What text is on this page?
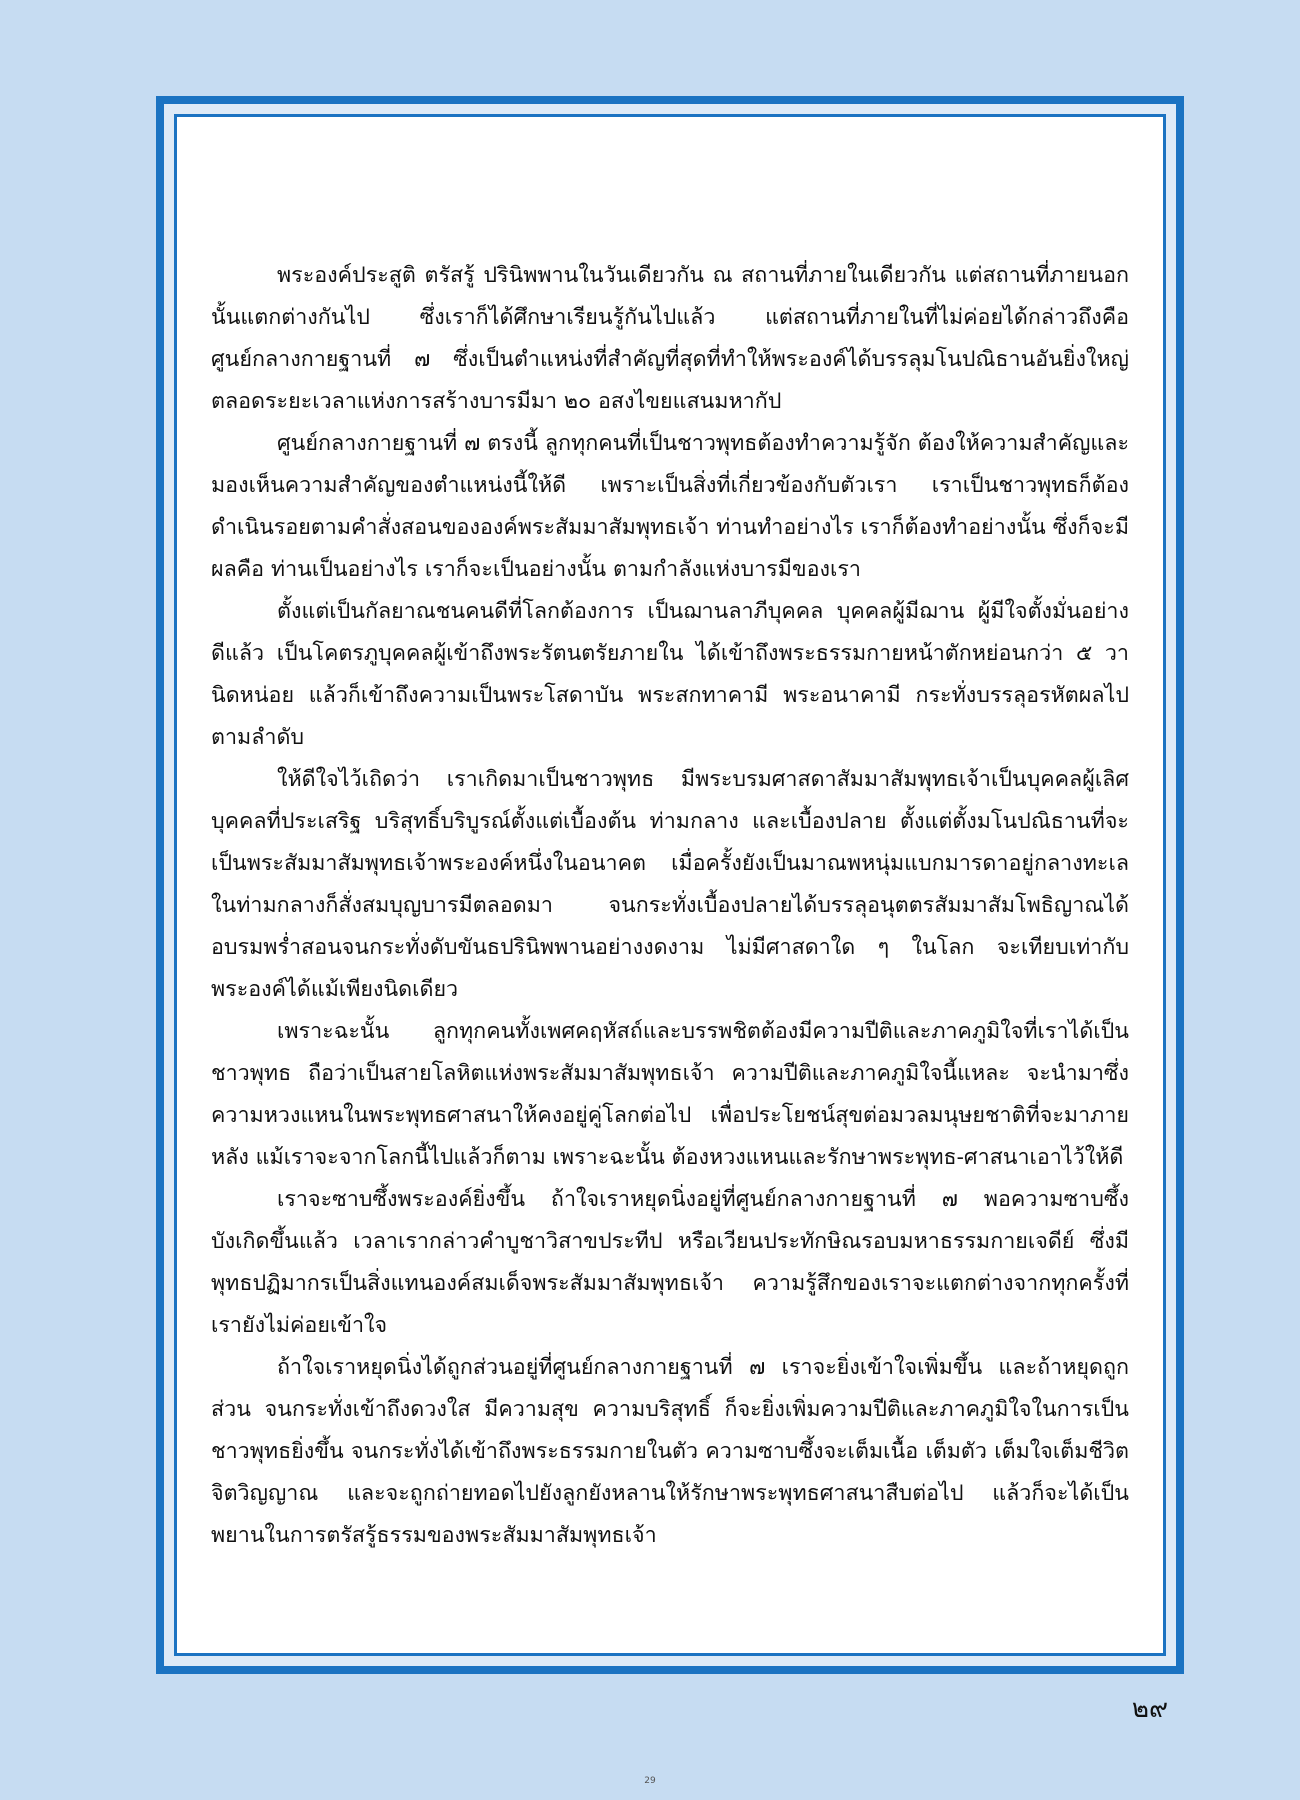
พระองค์ประสูติ ตรัสรู้ ปรินิพพานในวันเดียวกัน ณ สถานที่ภายในเดียวกัน แต่สถานที่ภายนอกนั้นแตกต่างกันไป ซึ่งเราก็ได้ศึกษาเรียนรู้กันไปแล้ว แต่สถานที่ภายในที่ไม่ค่อยได้กล่าวถึงคือ ศูนย์กลางกายฐานที่ ๗ ซึ่งเป็นตำแหน่งที่สำคัญที่สุดที่ทำให้พระองค์ได้บรรลุมโนปณิธานอันยิ่งใหญ่ ตลอดระยะเวลาแห่งการสร้างบารมีมา ๒๐ อสงไขยแสนมหากัป

ศูนย์กลางกายฐานที่ ๗ ตรงนี้ ลูกทุกคนที่เป็นชาวพุทธต้องทำความรู้จัก ต้องให้ความสำคัญและมองเห็นความสำคัญของตำแหน่งนี้ให้ดี เพราะเป็นสิ่งที่เกี่ยวข้องกับตัวเรา เราเป็นชาวพุทธก็ต้องดำเนินรอยตามคำสั่งสอนขององค์พระสัมมาสัมพุทธเจ้า ท่านทำอย่างไร เราก็ต้องทำอย่างนั้น ซึ่งก็จะมีผลคือ ท่านเป็นอย่างไร เราก็จะเป็นอย่างนั้น ตามกำลังแห่งบารมีของเรา

ตั้งแต่เป็นกัลยาณชนคนดีที่โลกต้องการ เป็นฌานลาภีบุคคล บุคคลผู้มีฌาน ผู้มีใจตั้งมั่นอย่างดีแล้ว เป็นโคตรภูบุคคลผู้เข้าถึงพระรัตนตรัยภายใน ได้เข้าถึงพระธรรมกายหน้าตักหย่อนกว่า ๕ วานิดหน่อย แล้วก็เข้าถึงความเป็นพระโสดาบัน พระสกทาคามี พระอนาคามี กระทั่งบรรลุอรหัตผลไปตามลำดับ

ให้ดีใจไว้เถิดว่า เราเกิดมาเป็นชาวพุทธ มีพระบรมศาสดาสัมมาสัมพุทธเจ้าเป็นบุคคลผู้เลิศบุคคลที่ประเสริฐ บริสุทธิ์บริบูรณ์ตั้งแต่เบื้องต้น ท่ามกลาง และเบื้องปลาย ตั้งแต่ตั้งมโนปณิธานที่จะเป็นพระสัมมาสัมพุทธเจ้าพระองค์หนึ่งในอนาคต เมื่อครั้งยังเป็นมาณพหนุ่มแบกมารดาอยู่กลางทะเล ในท่ามกลางก็สั่งสมบุญบารมีตลอดมา จนกระทั่งเบื้องปลายได้บรรลุอนุตตรสัมมาสัมโพธิญาณได้อบรมพร่ำสอนจนกระทั่งดับขันธปรินิพพานอย่างงดงาม ไม่มีศาสดาใด ๆ ในโลก จะเทียบเท่ากับพระองค์ได้แม้เพียงนิดเดียว

เพราะฉะนั้น ลูกทุกคนทั้งเพศคฤหัสถ์และบรรพชิตต้องมีความปีติและภาคภูมิใจที่เราได้เป็นชาวพุทธ ถือว่าเป็นสายโลหิตแห่งพระสัมมาสัมพุทธเจ้า ความปีติและภาคภูมิใจนี้แหละ จะนำมาซึ่งความหวงแหนในพระพุทธศาสนาให้คงอยู่คู่โลกต่อไป เพื่อประโยชน์สุขต่อมวลมนุษยชาติที่จะมาภายหลัง แม้เราจะจากโลกนี้ไปแล้วก็ตาม เพราะฉะนั้น ต้องหวงแหนและรักษาพระพุทธ-ศาสนาเอาไว้ให้ดี

เราจะซาบซึ้งพระองค์ยิ่งขึ้น ถ้าใจเราหยุดนิ่งอยู่ที่ศูนย์กลางกายฐานที่ ๗ พอความซาบซึ้งบังเกิดขึ้นแล้ว เวลาเรากล่าวคำบูชาวิสาขประทีป หรือเวียนประทักษิณรอบมหาธรรมกายเจดีย์ ซึ่งมีพุทธปฏิมากรเป็นสิ่งแทนองค์สมเด็จพระสัมมาสัมพุทธเจ้า ความรู้สึกของเราจะแตกต่างจากทุกครั้งที่เรายังไม่ค่อยเข้าใจ

ถ้าใจเราหยุดนิ่งได้ถูกส่วนอยู่ที่ศูนย์กลางกายฐานที่ ๗ เราจะยิ่งเข้าใจเพิ่มขึ้น และถ้าหยุดถูกส่วน จนกระทั่งเข้าถึงดวงใส มีความสุข ความบริสุทธิ์ ก็จะยิ่งเพิ่มความปีติและภาคภูมิใจในการเป็นชาวพุทธยิ่งขึ้น จนกระทั่งได้เข้าถึงพระธรรมกายในตัว ความซาบซึ้งจะเต็มเนื้อ เต็มตัว เต็มใจเต็มชีวิต จิตวิญญาณ และจะถูกถ่ายทอดไปยังลูกยังหลานให้รักษาพระพุทธศาสนาสืบต่อไป แล้วก็จะได้เป็นพยานในการตรัสรู้ธรรมของพระสัมมาสัมพุทธเจ้า

๒๙
29
